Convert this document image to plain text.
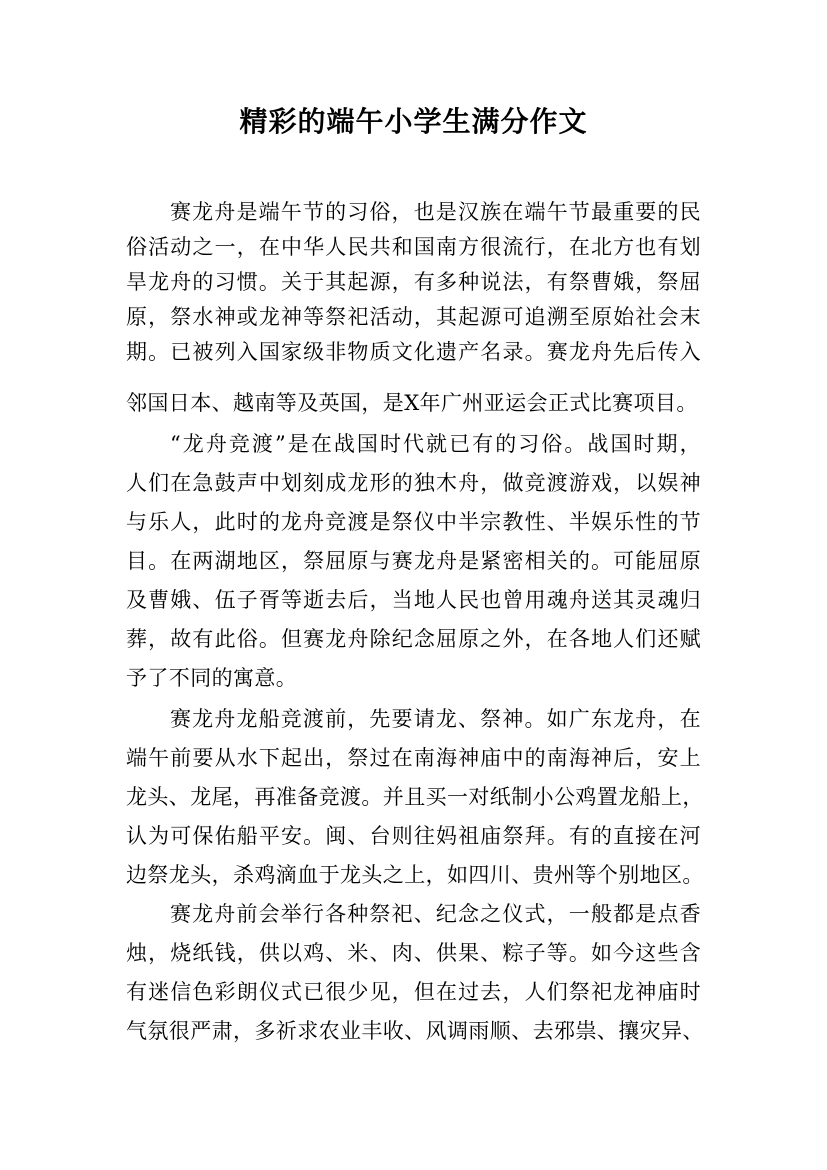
精彩的端午小学生满分作文
赛龙舟是端午节的习俗，也是汉族在端午节最重要的民
俗活动之一，在中华人民共和国南方很流行，在北方也有划
旱龙舟的习惯。关于其起源，有多种说法，有祭曹娥，祭屈
原，祭水神或龙神等祭祀活动，其起源可追溯至原始社会末
期。已被列入国家级非物质文化遗产名录。赛龙舟先后传入
邻国日本、越南等及英国，是X年广州亚运会正式比赛项目。
“龙舟竞渡”是在战国时代就已有的习俗。战国时期，
人们在急鼓声中划刻成龙形的独木舟，做竞渡游戏，以娱神
与乐人，此时的龙舟竞渡是祭仪中半宗教性、半娱乐性的节
目。在两湖地区，祭屈原与赛龙舟是紧密相关的。可能屈原
及曹娥、伍子胥等逝去后，当地人民也曾用魂舟送其灵魂归
葬，故有此俗。但赛龙舟除纪念屈原之外，在各地人们还赋
予了不同的寓意。
赛龙舟龙船竞渡前，先要请龙、祭神。如广东龙舟，在
端午前要从水下起出，祭过在南海神庙中的南海神后，安上
龙头、龙尾，再准备竞渡。并且买一对纸制小公鸡置龙船上，
认为可保佑船平安。闽、台则往妈祖庙祭拜。有的直接在河
边祭龙头，杀鸡滴血于龙头之上，如四川、贵州等个别地区。
赛龙舟前会举行各种祭祀、纪念之仪式，一般都是点香
烛，烧纸钱，供以鸡、米、肉、供果、粽子等。如今这些含
有迷信色彩朗仪式已很少见，但在过去，人们祭祀龙神庙时
气氛很严肃，多祈求农业丰收、风调雨顺、去邪祟、攘灾异、
